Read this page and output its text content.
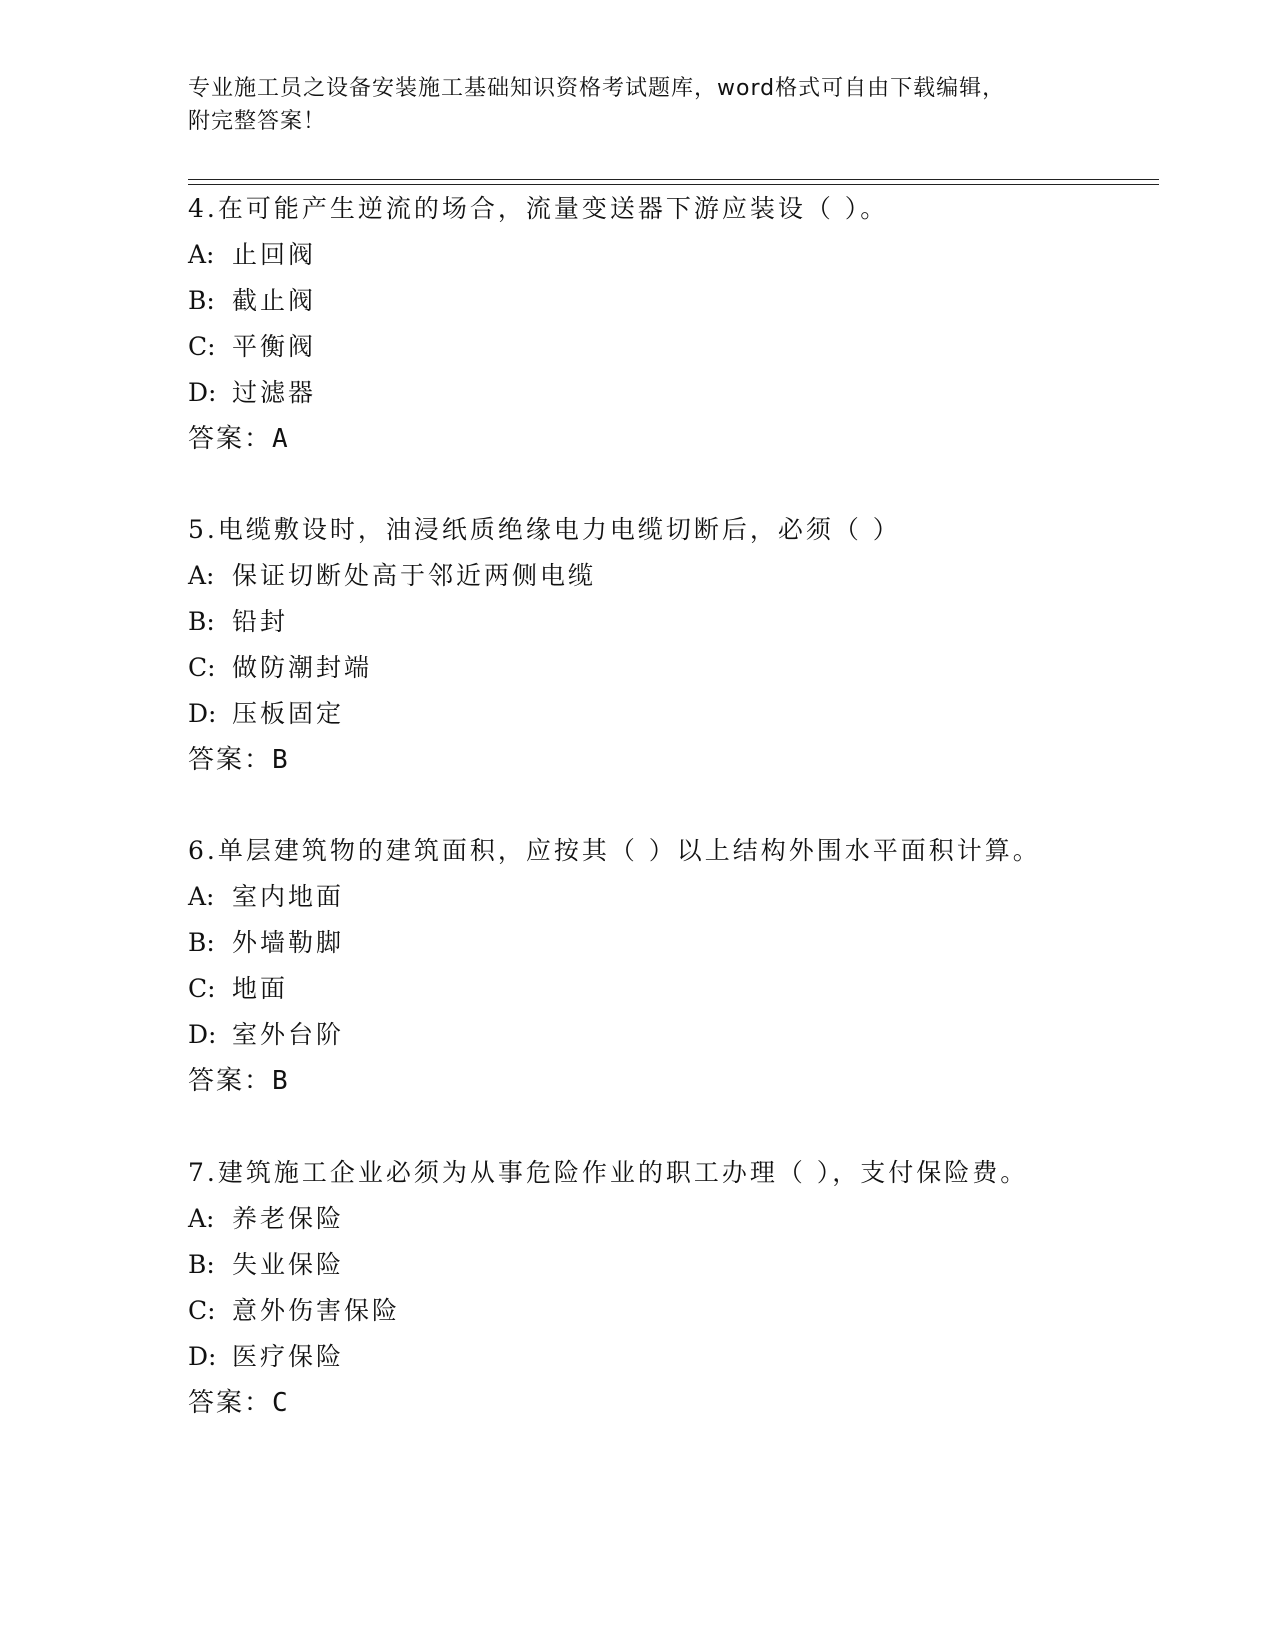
专业施工员之设备安装施工基础知识资格考试题库，word格式可自由下载编辑，
附完整答案！
4.在可能产生逆流的场合，流量变送器下游应装设（ ）。
A: 止回阀
B: 截止阀
C: 平衡阀
D: 过滤器
答案：A
5.电缆敷设时，油浸纸质绝缘电力电缆切断后，必须（ ）
A: 保证切断处高于邻近两侧电缆
B: 铅封
C: 做防潮封端
D: 压板固定
答案：B
6.单层建筑物的建筑面积，应按其（ ）以上结构外围水平面积计算。
A: 室内地面
B: 外墙勒脚
C: 地面
D: 室外台阶
答案：B
7.建筑施工企业必须为从事危险作业的职工办理（ ），支付保险费。
A: 养老保险
B: 失业保险
C: 意外伤害保险
D: 医疗保险
答案：C
